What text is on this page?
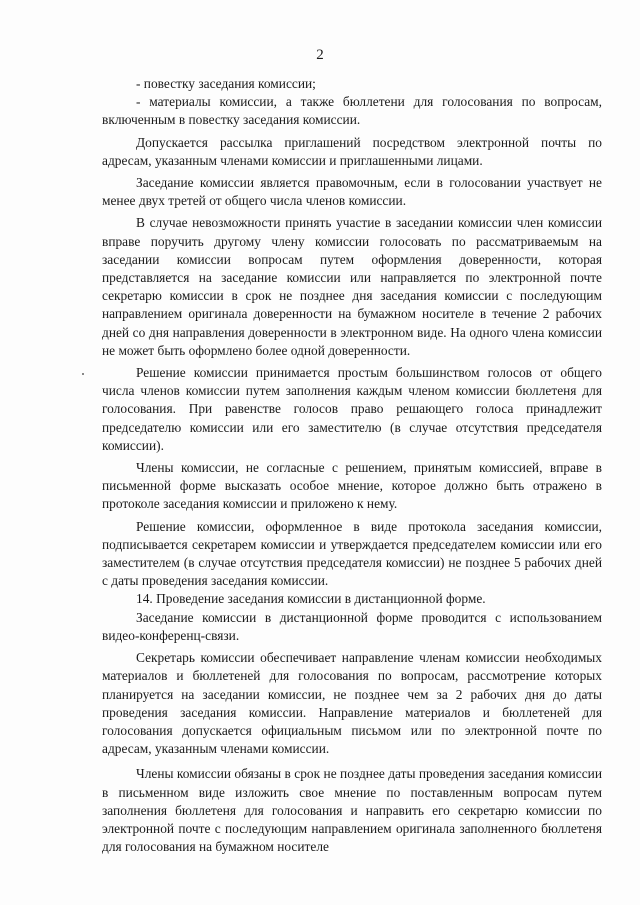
2

- повестку заседания комиссии;

- материалы комиссии, а также бюллетени для голосования по вопросам, включенным в повестку заседания комиссии.

Допускается рассылка приглашений посредством электронной почты по адресам, указанным членами комиссии и приглашенными лицами.

Заседание комиссии является правомочным, если в голосовании участвует не менее двух третей от общего числа членов комиссии.

В случае невозможности принять участие в заседании комиссии член комиссии вправе поручить другому члену комиссии голосовать по рассматриваемым на заседании комиссии вопросам путем оформления доверенности, которая представляется на заседание комиссии или направляется по электронной почте секретарю комиссии в срок не позднее дня заседания комиссии с последующим направлением оригинала доверенности на бумажном носителе в течение 2 рабочих дней со дня направления доверенности в электронном виде. На одного члена комиссии не может быть оформлено более одной доверенности.

Решение комиссии принимается простым большинством голосов от общего числа членов комиссии путем заполнения каждым членом комиссии бюллетеня для голосования. При равенстве голосов право решающего голоса принадлежит председателю комиссии или его заместителю (в случае отсутствия председателя комиссии).

Члены комиссии, не согласные с решением, принятым комиссией, вправе в письменной форме высказать особое мнение, которое должно быть отражено в протоколе заседания комиссии и приложено к нему.

Решение комиссии, оформленное в виде протокола заседания комиссии, подписывается секретарем комиссии и утверждается председателем комиссии или его заместителем (в случае отсутствия председателя комиссии) не позднее 5 рабочих дней с даты проведения заседания комиссии.

14. Проведение заседания комиссии в дистанционной форме.

Заседание комиссии в дистанционной форме проводится с использованием видео-конференц-связи.

Секретарь комиссии обеспечивает направление членам комиссии необходимых материалов и бюллетеней для голосования по вопросам, рассмотрение которых планируется на заседании комиссии, не позднее чем за 2 рабочих дня до даты проведения заседания комиссии. Направление материалов и бюллетеней для голосования допускается официальным письмом или по электронной почте по адресам, указанным членами комиссии.

Члены комиссии обязаны в срок не позднее даты проведения заседания комиссии в письменном виде изложить свое мнение по поставленным вопросам путем заполнения бюллетеня для голосования и направить его секретарю комиссии по электронной почте с последующим направлением оригинала заполненного бюллетеня для голосования на бумажном носителе
